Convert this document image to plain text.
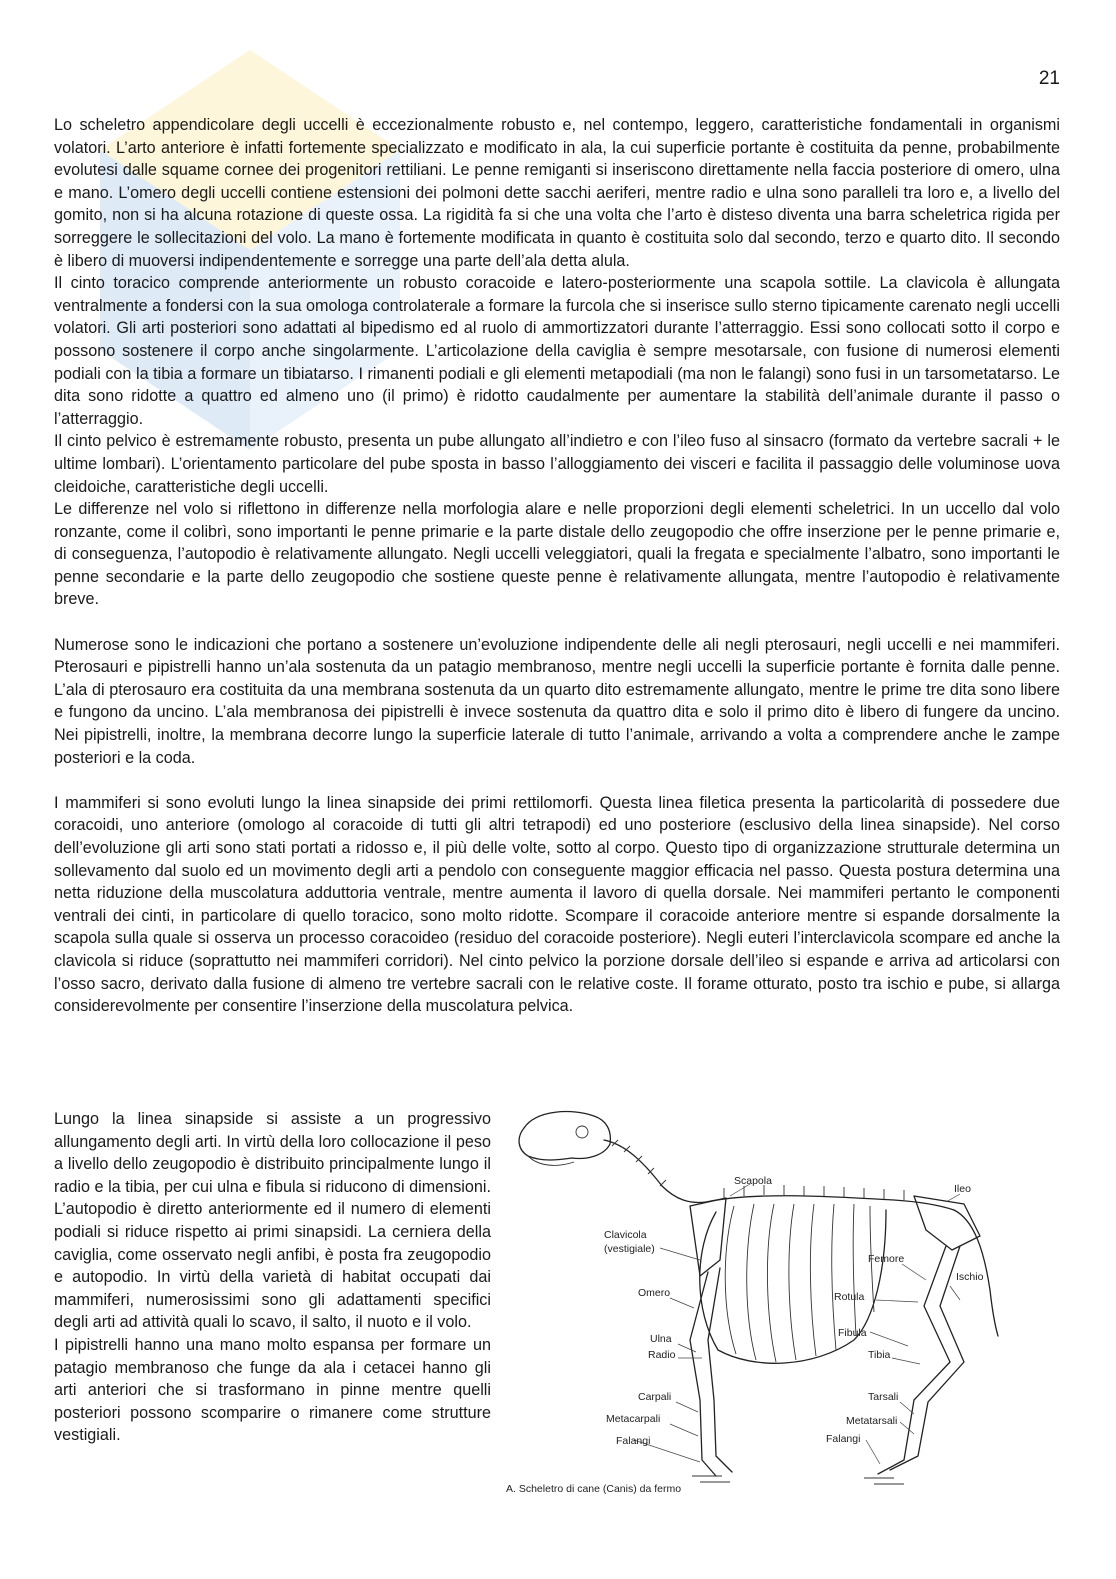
21

Lo scheletro appendicolare degli uccelli è eccezionalmente robusto e, nel contempo, leggero, caratteristiche fondamentali in organismi volatori. L’arto anteriore è infatti fortemente specializzato e modificato in ala, la cui superficie portante è costituita da penne, probabilmente evolutesi dalle squame cornee dei progenitori rettiliani. Le penne remiganti si inseriscono direttamente nella faccia posteriore di omero, ulna e mano. L’omero degli uccelli contiene estensioni dei polmoni dette sacchi aeriferi, mentre radio e ulna sono paralleli tra loro e, a livello del gomito, non si ha alcuna rotazione di queste ossa. La rigidità fa si che una volta che l’arto è disteso diventa una barra scheletrica rigida per sorreggere le sollecitazioni del volo. La mano è fortemente modificata in quanto è costituita solo dal secondo, terzo e quarto dito. Il secondo è libero di muoversi indipendentemente e sorregge una parte dell’ala detta alula.

Il cinto toracico comprende anteriormente un robusto coracoide e latero-posteriormente una scapola sottile. La clavicola è allungata ventralmente a fondersi con la sua omologa controlaterale a formare la furcola che si inserisce sullo sterno tipicamente carenato negli uccelli volatori. Gli arti posteriori sono adattati al bipedismo ed al ruolo di ammortizzatori durante l’atterraggio. Essi sono collocati sotto il corpo e possono sostenere il corpo anche singolarmente. L’articolazione della caviglia è sempre mesotarsale, con fusione di numerosi elementi podiali con la tibia a formare un tibiatarso. I rimanenti podiali e gli elementi metapodiali (ma non le falangi) sono fusi in un tarsometatarso. Le dita sono ridotte a quattro ed almeno uno (il primo) è ridotto caudalmente per aumentare la stabilità dell’animale durante il passo o l’atterraggio.

Il cinto pelvico è estremamente robusto, presenta un pube allungato all’indietro e con l’ileo fuso al sinsacro (formato da vertebre sacrali + le ultime lombari). L’orientamento particolare del pube sposta in basso l’alloggiamento dei visceri e facilita il passaggio delle voluminose uova cleidoiche, caratteristiche degli uccelli.

Le differenze nel volo si riflettono in differenze nella morfologia alare e nelle proporzioni degli elementi scheletrici. In un uccello dal volo ronzante, come il colibrì, sono importanti le penne primarie e la parte distale dello zeugopodio che offre inserzione per le penne primarie e, di conseguenza, l’autopodio è relativamente allungato. Negli uccelli veleggiatori, quali la fregata e specialmente l’albatro, sono importanti le penne secondarie e la parte dello zeugopodio che sostiene queste penne è relativamente allungata, mentre l’autopodio è relativamente breve.

Numerose sono le indicazioni che portano a sostenere un’evoluzione indipendente delle ali negli pterosauri, negli uccelli e nei mammiferi. Pterosauri e pipistrelli hanno un’ala sostenuta da un patagio membranoso, mentre negli uccelli la superficie portante è fornita dalle penne. L’ala di pterosauro era costituita da una membrana sostenuta da un quarto dito estremamente allungato, mentre le prime tre dita sono libere e fungono da uncino. L’ala membranosa dei pipistrelli è invece sostenuta da quattro dita e solo il primo dito è libero di fungere da uncino. Nei pipistrelli, inoltre, la membrana decorre lungo la superficie laterale di tutto l’animale, arrivando a volta a comprendere anche le zampe posteriori e la coda.

I mammiferi si sono evoluti lungo la linea sinapside dei primi rettilomorfi. Questa linea filetica presenta la particolarità di possedere due coracoidi, uno anteriore (omologo al coracoide di tutti gli altri tetrapodi) ed uno posteriore (esclusivo della linea sinapside). Nel corso dell’evoluzione gli arti sono stati portati a ridosso e, il più delle volte, sotto al corpo. Questo tipo di organizzazione strutturale determina un sollevamento dal suolo ed un movimento degli arti a pendolo con conseguente maggior efficacia nel passo. Questa postura determina una netta riduzione della muscolatura adduttoria ventrale, mentre aumenta il lavoro di quella dorsale. Nei mammiferi pertanto le componenti ventrali dei cinti, in particolare di quello toracico, sono molto ridotte. Scompare il coracoide anteriore mentre si espande dorsalmente la scapola sulla quale si osserva un processo coracoideo (residuo del coracoide posteriore). Negli euteri l’interclavicola scompare ed anche la clavicola si riduce (soprattutto nei mammiferi corridori). Nel cinto pelvico la porzione dorsale dell’ileo si espande e arriva ad articolarsi con l’osso sacro, derivato dalla fusione di almeno tre vertebre sacrali con le relative coste. Il forame otturato, posto tra ischio e pube, si allarga considerevolmente per consentire l’inserzione della muscolatura pelvica.

Lungo la linea sinapside si assiste a un progressivo allungamento degli arti. In virtù della loro collocazione il peso a livello dello zeugopodio è distribuito principalmente lungo il radio e la tibia, per cui ulna e fibula si riducono di dimensioni. L’autopodio è diretto anteriormente ed il numero di elementi podiali si riduce rispetto ai primi sinapsidi. La cerniera della caviglia, come osservato negli anfibi, è posta fra zeugopodio e autopodio. In virtù della varietà di habitat occupati dai mammiferi, numerosissimi sono gli adattamenti specifici degli arti ad attività quali lo scavo, il salto, il nuoto e il volo.

I pipistrelli hanno una mano molto espansa per formare un patagio membranoso che funge da ala i cetacei hanno gli arti anteriori che si trasformano in pinne mentre quelli posteriori possono scomparire o rimanere come strutture vestigiali.

Scapola
Ileo
Clavicola
(vestigiale)
Femore
Ischio
Omero	Rotula
Ulna	Fibula
Radio	Tibia
Carpali	Tarsali
Metacarpali	Metatarsali
Falangi	Falangi
A. Scheletro di cane (Canis) da fermo
